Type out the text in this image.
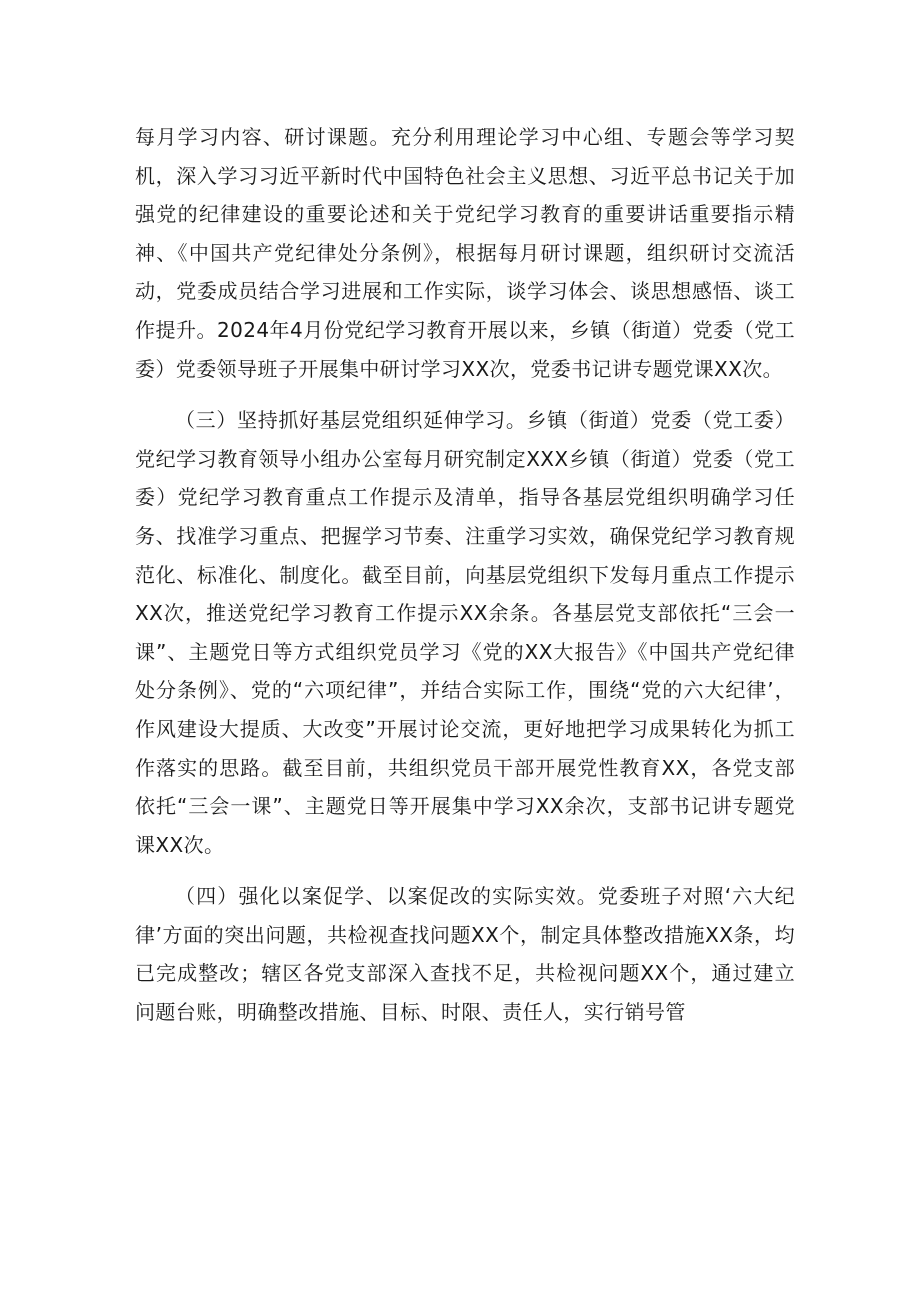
每月学习内容、研讨课题。充分利用理论学习中心组、专题会等学习契机，深入学习习近平新时代中国特色社会主义思想、习近平总书记关于加强党的纪律建设的重要论述和关于党纪学习教育的重要讲话重要指示精神、《中国共产党纪律处分条例》，根据每月研讨课题，组织研讨交流活动，党委成员结合学习进展和工作实际，谈学习体会、谈思想感悟、谈工作提升。2024年4月份党纪学习教育开展以来，乡镇（街道）党委（党工委）党委领导班子开展集中研讨学习XX次，党委书记讲专题党课XX次。

（三）坚持抓好基层党组织延伸学习。乡镇（街道）党委（党工委）党纪学习教育领导小组办公室每月研究制定XXX乡镇（街道）党委（党工委）党纪学习教育重点工作提示及清单，指导各基层党组织明确学习任务、找准学习重点、把握学习节奏、注重学习实效，确保党纪学习教育规范化、标准化、制度化。截至目前，向基层党组织下发每月重点工作提示XX次，推送党纪学习教育工作提示XX余条。各基层党支部依托“三会一课”、主题党日等方式组织党员学习《党的XX大报告》《中国共产党纪律处分条例》、党的“六项纪律”，并结合实际工作，围绕“党的六大纪律’，作风建设大提质、大改变”开展讨论交流，更好地把学习成果转化为抓工作落实的思路。截至目前，共组织党员干部开展党性教育XX，各党支部依托“三会一课”、主题党日等开展集中学习XX余次，支部书记讲专题党课XX次。

（四）强化以案促学、以案促改的实际实效。党委班子对照‘六大纪律’方面的突出问题，共检视查找问题XX个，制定具体整改措施XX条，均已完成整改；辖区各党支部深入查找不足，共检视问题XX个，通过建立问题台账，明确整改措施、目标、时限、责任人，实行销号管
